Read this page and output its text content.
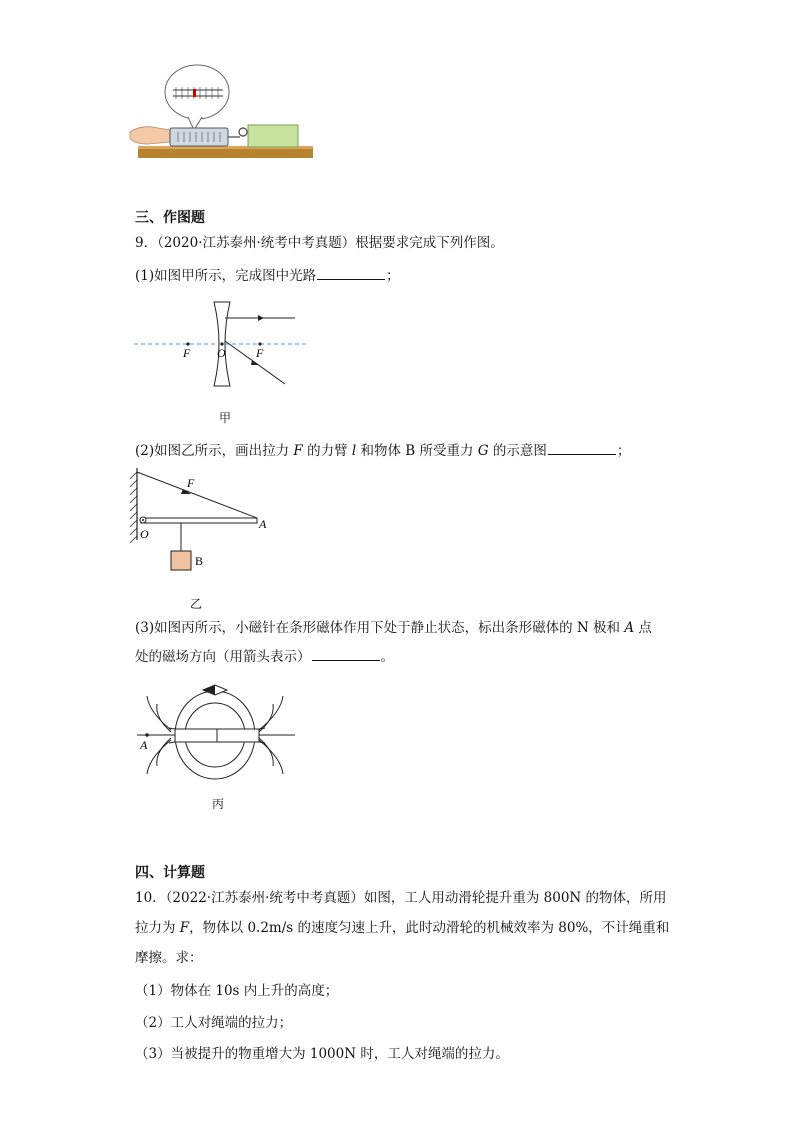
三、作图题
9．（2020·江苏泰州·统考中考真题）根据要求完成下列作图。
(1)如图甲所示，完成图中光路	；
F O	F
甲
(2)如图乙所示，画出拉力 F 的力臂 l 和物体 B 所受重力 G 的示意图	；
F
O
A
B
乙
(3)如图丙所示，小磁针在条形磁体作用下处于静止状态，标出条形磁体的 N 极和 A 点
处的磁场方向（用箭头表示）	。
A
丙
四、计算题
10．（2022·江苏泰州·统考中考真题）如图，工人用动滑轮提升重为 800N 的物体，所用
拉力为 F，物体以 0.2m/s 的速度匀速上升，此时动滑轮的机械效率为 80%，不计绳重和
摩擦。求：
（1）物体在 10s 内上升的高度；
（2）工人对绳端的拉力；
（3）当被提升的物重增大为 1000N 时，工人对绳端的拉力。
